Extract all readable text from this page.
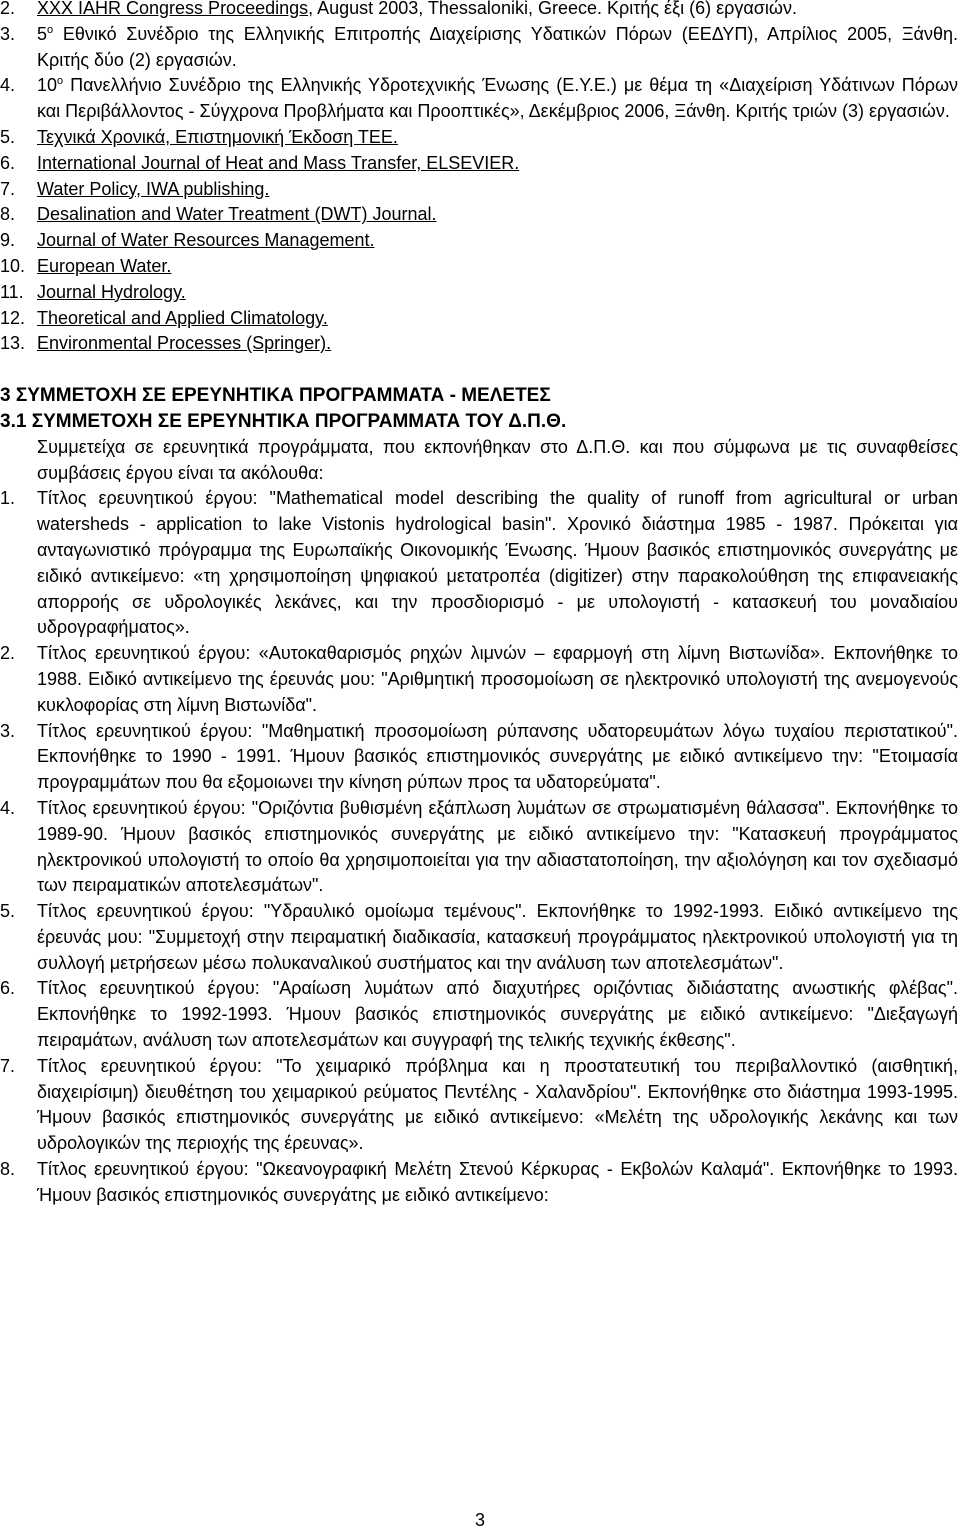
2.	XXX IAHR Congress Proceedings, August 2003, Thessaloniki, Greece. Κριτής έξι (6) εργασιών.
3.	$5^o$ Εθνικό Συνέδριο της Ελληνικής Επιτροπής Διαχείρισης Υδατικών Πόρων (ΕΕΔΥΠ), Απρίλιος 2005, Ξάνθη. Κριτής δύο (2) εργασιών.
4.	$10^o$ Πανελλήνιο Συνέδριο της Ελληνικής Υδροτεχνικής Ένωσης (Ε.Υ.Ε.) με θέμα τη «Διαχείριση Υδάτινων Πόρων και Περιβάλλοντος - Σύγχρονα Προβλήματα και Προοπτικές», Δεκέμβριος 2006, Ξάνθη. Κριτής τριών (3) εργασιών.
5.	Τεχνικά Χρονικά, Επιστημονική Έκδοση ΤΕΕ.
6.	International Journal of Heat and Mass Transfer, ELSEVIER.
7.	Water Policy, IWA publishing.
8.	Desalination and Water Treatment (DWT) Journal.
9.	Journal of Water Resources Management.
10. European Water.
11. Journal Hydrology.
12. Theoretical and Applied Climatology.
13. Environmental Processes (Springer).
3 ΣΥΜΜΕΤΟΧΗ ΣΕ ΕΡΕΥΝΗΤΙΚΑ ΠΡΟΓΡΑΜΜΑΤΑ - ΜΕΛΕΤΕΣ
3.1 ΣΥΜΜΕΤΟΧΗ ΣΕ ΕΡΕΥΝΗΤΙΚΑ ΠΡΟΓΡΑΜΜΑΤΑ ΤΟΥ Δ.Π.Θ.
Συμμετείχα σε ερευνητικά προγράμματα, που εκπονήθηκαν στο Δ.Π.Θ. και που σύμφωνα με τις συναφθείσες συμβάσεις έργου είναι τα ακόλουθα:
1.	Τίτλος ερευνητικού έργου: "Mathematical model describing the quality of runoff from agricultural or urban watersheds - application to lake Vistonis hydrological basin". Χρονικό διάστημα 1985 - 1987. Πρόκειται για ανταγωνιστικό πρόγραμμα της Ευρωπαϊκής Οικονομικής Ένωσης. Ήμουν βασικός επιστημονικός συνεργάτης με ειδικό αντικείμενο: «τη χρησιμοποίηση ψηφιακού μετατροπέα (digitizer) στην παρακολούθηση της επιφανειακής απορροής σε υδρολογικές λεκάνες, και την προσδιορισμό - με υπολογιστή - κατασκευή του μοναδιαίου υδρογραφήματος».
2.	Τίτλος ερευνητικού έργου: «Αυτοκαθαρισμός ρηχών λιμνών – εφαρμογή στη λίμνη Βιστωνίδα». Εκπονήθηκε το 1988. Ειδικό αντικείμενο της έρευνάς μου: "Αριθμητική προσομοίωση σε ηλεκτρονικό υπολογιστή της ανεμογενούς κυκλοφορίας στη λίμνη Βιστωνίδα".
3.	Τίτλος ερευνητικού έργου: "Μαθηματική προσομοίωση ρύπανσης υδατορευμάτων λόγω τυχαίου περιστατικού". Εκπονήθηκε το 1990 - 1991. Ήμουν βασικός επιστημονικός συνεργάτης με ειδικό αντικείμενο την: "Ετοιμασία προγραμμάτων που θα εξομοιωνει την κίνηση ρύπων προς τα υδατορεύματα".
4.	Τίτλος ερευνητικού έργου: "Οριζόντια βυθισμένη εξάπλωση λυμάτων σε στρωματισμένη θάλασσα". Εκπονήθηκε το 1989-90. Ήμουν βασικός επιστημονικός συνεργάτης με ειδικό αντικείμενο την: "Κατασκευή προγράμματος ηλεκτρονικού υπολογιστή το οποίο θα χρησιμοποιείται για την αδιαστατοποίηση, την αξιολόγηση και τον σχεδιασμό των πειραματικών αποτελεσμάτων".
5.	Τίτλος ερευνητικού έργου: "Υδραυλικό ομοίωμα τεμένους". Εκπονήθηκε το 1992-1993. Ειδικό αντικείμενο της έρευνάς μου: "Συμμετοχή στην πειραματική διαδικασία, κατασκευή προγράμματος ηλεκτρονικού υπολογιστή για τη συλλογή μετρήσεων μέσω πολυκαναλικού συστήματος και την ανάλυση των αποτελεσμάτων".
6.	Τίτλος ερευνητικού έργου: "Αραίωση λυμάτων από διαχυτήρες οριζόντιας διδιάστατης ανωστικής φλέβας". Εκπονήθηκε το 1992-1993. Ήμουν βασικός επιστημονικός συνεργάτης με ειδικό αντικείμενο: "Διεξαγωγή πειραμάτων, ανάλυση των αποτελεσμάτων και συγγραφή της τελικής τεχνικής έκθεσης".
7.	Τίτλος ερευνητικού έργου: "Το χειμαρικό πρόβλημα και η προστατευτική του περιβαλλοντικό (αισθητική, διαχειρίσιμη) διευθέτηση του χειμαρικού ρεύματος Πεντέλης - Χαλανδρίου". Εκπονήθηκε στο διάστημα 1993-1995. Ήμουν βασικός επιστημονικός συνεργάτης με ειδικό αντικείμενο: «Μελέτη της υδρολογικής λεκάνης και των υδρολογικών της περιοχής της έρευνας».
8.	Τίτλος ερευνητικού έργου: "Ωκεανογραφική Μελέτη Στενού Κέρκυρας - Εκβολών Καλαμά". Εκπονήθηκε το 1993. Ήμουν βασικός επιστημονικός συνεργάτης με ειδικό αντικείμενο:
3
